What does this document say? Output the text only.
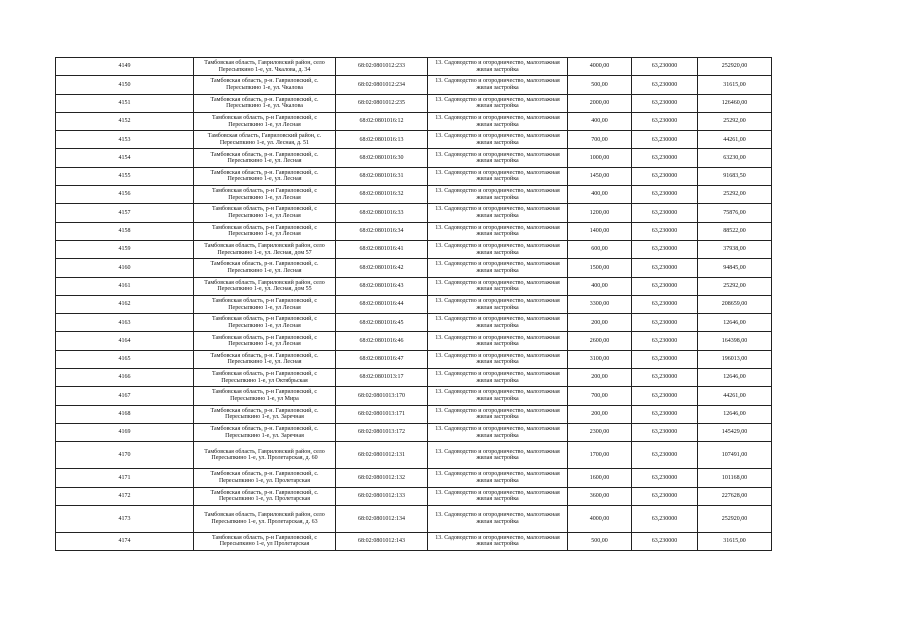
4149	Тамбовская область, Гавриловский район, село Пересыпкино 1-е, ул. Чкалова, д. 34	68:02:0801012:233	13. Садоводство и огородничество, малоэтажная жилая застройка	4000,00	63,230000	252920,00
4150	Тамбовская область, р-н. Гавриловский, с. Пересыпкино 1-е, ул. Чкалова	68:02:0801012:234	13. Садоводство и огородничество, малоэтажная жилая застройка	500,00	63,230000	31615,00
4151	Тамбовская область, р-н. Гавриловский, с. Пересыпкино 1-е, ул. Чкалова	68:02:0801012:235	13. Садоводство и огородничество, малоэтажная жилая застройка	2000,00	63,230000	126460,00
4152	Тамбовская область, р-н Гавриловский, с Пересыпкино 1-е, ул Лесная	68:02:0801016:12	13. Садоводство и огородничество, малоэтажная жилая застройка	400,00	63,230000	25292,00
4153	Тамбовская область, Гавриловский район, с. Пересыпкино 1-е, ул. Лесная, д. 51	68:02:0801016:13	13. Садоводство и огородничество, малоэтажная жилая застройка	700,00	63,230000	44261,00
4154	Тамбовская область, р-н. Гавриловский, с. Пересыпкино 1-е, ул. Лесная	68:02:0801016:30	13. Садоводство и огородничество, малоэтажная жилая застройка	1000,00	63,230000	63230,00
4155	Тамбовская область, р-н. Гавриловский, с. Пересыпкино 1-е, ул. Лесная	68:02:0801016:31	13. Садоводство и огородничество, малоэтажная жилая застройка	1450,00	63,230000	91683,50
4156	Тамбовская область, р-н Гавриловский, с Пересыпкино 1-е, ул Лесная	68:02:0801016:32	13. Садоводство и огородничество, малоэтажная жилая застройка	400,00	63,230000	25292,00
4157	Тамбовская область, р-н Гавриловский, с Пересыпкино 1-е, ул Лесная	68:02:0801016:33	13. Садоводство и огородничество, малоэтажная жилая застройка	1200,00	63,230000	75876,00
4158	Тамбовская область, р-н Гавриловский, с Пересыпкино 1-е, ул Лесная	68:02:0801016:34	13. Садоводство и огородничество, малоэтажная жилая застройка	1400,00	63,230000	88522,00
4159	Тамбовская область, Гавриловский район, село Пересыпкино 1-е, ул. Лесная, дом 57	68:02:0801016:41	13. Садоводство и огородничество, малоэтажная жилая застройка	600,00	63,230000	37938,00
4160	Тамбовская область, р-н. Гавриловский, с. Пересыпкино 1-е, ул. Лесная	68:02:0801016:42	13. Садоводство и огородничество, малоэтажная жилая застройка	1500,00	63,230000	94845,00
4161	Тамбовская область, Гавриловский район, село Пересыпкино 1-е, ул. Лесная, дом 55	68:02:0801016:43	13. Садоводство и огородничество, малоэтажная жилая застройка	400,00	63,230000	25292,00
4162	Тамбовская область, р-н Гавриловский, с Пересыпкино 1-е, ул Лесная	68:02:0801016:44	13. Садоводство и огородничество, малоэтажная жилая застройка	3300,00	63,230000	208659,00
4163	Тамбовская область, р-н Гавриловский, с Пересыпкино 1-е, ул Лесная	68:02:0801016:45	13. Садоводство и огородничество, малоэтажная жилая застройка	200,00	63,230000	12646,00
4164	Тамбовская область, р-н Гавриловский, с Пересыпкино 1-е, ул Лесная	68:02:0801016:46	13. Садоводство и огородничество, малоэтажная жилая застройка	2600,00	63,230000	164398,00
4165	Тамбовская область, р-н. Гавриловский, с. Пересыпкино 1-е, ул. Лесная	68:02:0801016:47	13. Садоводство и огородничество, малоэтажная жилая застройка	3100,00	63,230000	196013,00
4166	Тамбовская область, р-н Гавриловский, с Пересыпкино 1-е, ул Октябрьская	68:02:0801013:17	13. Садоводство и огородничество, малоэтажная жилая застройка	200,00	63,230000	12646,00
4167	Тамбовская область, р-н Гавриловский, с Пересыпкино 1-е, ул Мира	68:02:0801013:170	13. Садоводство и огородничество, малоэтажная жилая застройка	700,00	63,230000	44261,00
4168	Тамбовская область, р-н. Гавриловский, с. Пересыпкино 1-е, ул. Заречная	68:02:0801013:171	13. Садоводство и огородничество, малоэтажная жилая застройка	200,00	63,230000	12646,00
4169	Тамбовская область, р-н. Гавриловский, с. Пересыпкино 1-е, ул. Заречная	68:02:0801013:172	13. Садоводство и огородничество, малоэтажная жилая застройка	2300,00	63,230000	145429,00
4170	Тамбовская область, Гавриловский район, село Пересыпкино 1-е, ул. Пролетарская, д. 60	68:02:0801012:131	13. Садоводство и огородничество, малоэтажная жилая застройка	1700,00	63,230000	107491,00
4171	Тамбовская область, р-н. Гавриловский, с. Пересыпкино 1-е, ул. Пролетарская	68:02:0801012:132	13. Садоводство и огородничество, малоэтажная жилая застройка	1600,00	63,230000	101168,00
4172	Тамбовская область, р-н. Гавриловский, с. Пересыпкино 1-е, ул. Пролетарская	68:02:0801012:133	13. Садоводство и огородничество, малоэтажная жилая застройка	3600,00	63,230000	227628,00
4173	Тамбовская область, Гавриловский район, село Пересыпкино 1-е, ул. Пролетарская, д. 63	68:02:0801012:134	13. Садоводство и огородничество, малоэтажная жилая застройка	4000,00	63,230000	252920,00
4174	Тамбовская область, р-н Гавриловский, с Пересыпкино 1-е, ул Пролетарская	68:02:0801012:143	13. Садоводство и огородничество, малоэтажная жилая застройка	500,00	63,230000	31615,00
